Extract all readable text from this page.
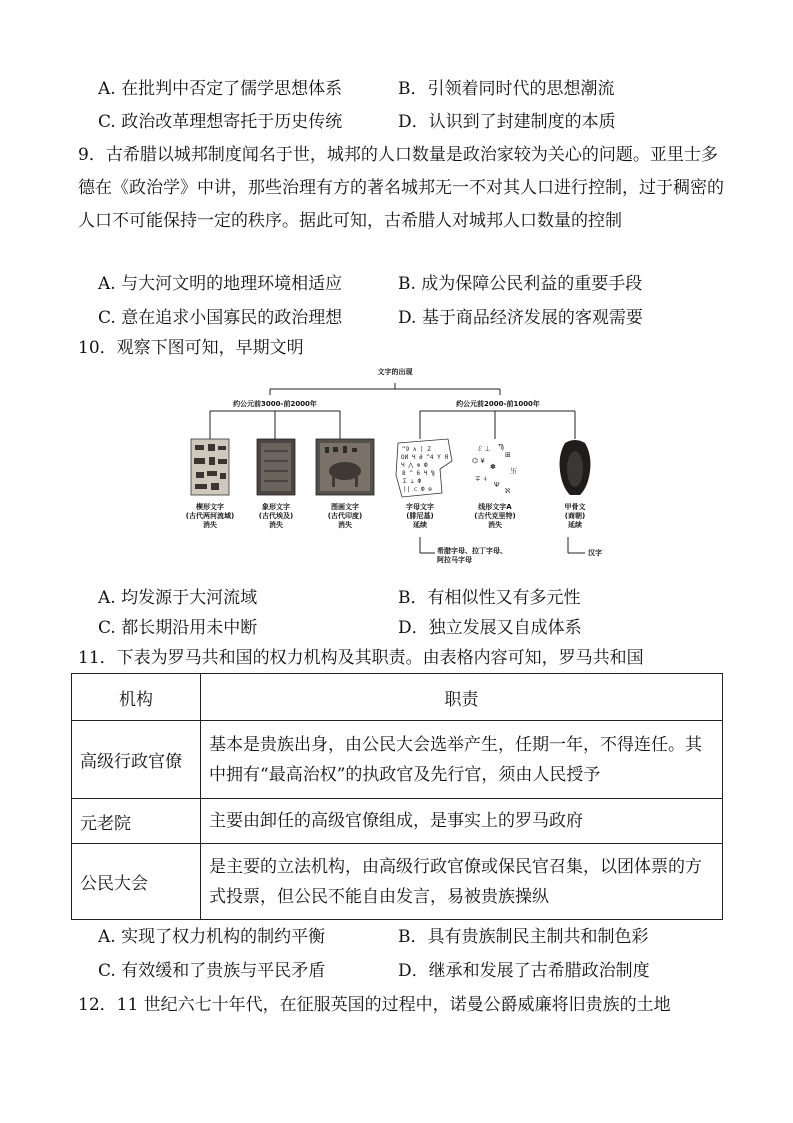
A. 在批判中否定了儒学思想体系	B．引领着同时代的思想潮流
C. 政治改革理想寄托于历史传统	D．认识到了封建制度的本质
9．古希腊以城邦制度闻名于世，城邦的人口数量是政治家较为关心的问题。亚里士多德在《政治学》中讲，那些治理有方的著名城邦无一不对其人口进行控制，过于稠密的人口不可能保持一定的秩序。据此可知，古希腊人对城邦人口数量的控制
A. 与大河文明的地理环境相适应	B. 成为保障公民利益的重要手段
C. 意在追求小国寡民的政治理想	D. 基于商品经济发展的客观需要
10．观察下图可知，早期文明
^9 ∧ | Z
ОИ Ч Ә ^4 Y Я
Ч ⋀ ⊗ Ф
8 ^ 6 Ч Ϡ
Σ ⊥ Ф
|| ⊂ Ф ⊕
ℰ ⊥ Ϡ
⊞
⌬ ¥
✽ 卐
∓ ⍭
Ψ
ℵ
文字的出现
约公元前3000-前2000年	约公元前2000-前1000年
楔形文字
(古代两河流域)
消失
象形文字
(古代埃及)
消失
图画文字
(古代印度)
消失
字母文字
(腓尼基)
延续
线形文字A
(古代克里特)
消失
甲骨文
(商朝)
延续
希腊字母、拉丁字母、阿拉马字母
汉字
A. 均发源于大河流域	B．有相似性又有多元性
C. 都长期沿用未中断	D．独立发展又自成体系
11．下表为罗马共和国的权力机构及其职责。由表格内容可知，罗马共和国
机构	职责
高级行政官僚	基本是贵族出身，由公民大会选举产生，任期一年，不得连任。其中拥有“最高治权”的执政官及先行官，须由人民授予
元老院	主要由卸任的高级官僚组成，是事实上的罗马政府
公民大会	是主要的立法机构，由高级行政官僚或保民官召集，以团体票的方式投票，但公民不能自由发言，易被贵族操纵
A. 实现了权力机构的制约平衡	B．具有贵族制民主制共和制色彩
C. 有效缓和了贵族与平民矛盾	D．继承和发展了古希腊政治制度
12．11 世纪六七十年代，在征服英国的过程中，诺曼公爵威廉将旧贵族的土地
